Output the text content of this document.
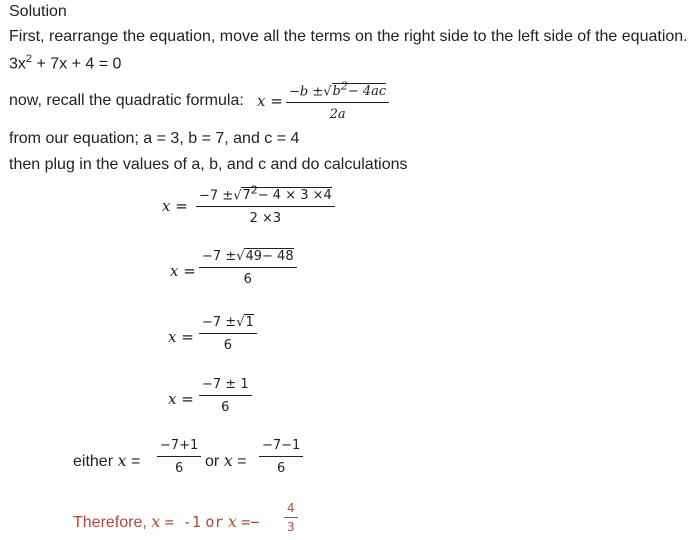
Solution
First, rearrange the equation, move all the terms on the right side to the left side of the equation.
$3x^2 + 7x + 4 = 0$
now, recall the quadratic formula: $x = \frac{-b \pm√b^2- 4ac}{2a}$
from our equation; a = 3, b = 7, and c = 4
then plug in the values of a, b, and c and do calculations
$x = \frac{-7 \pm√7^2- 4 \times 3 \times 4}{2 \times 3}$
$x = \frac{-7 \pm√49- 48}{6}$
$x = \frac{-7 \pm√1}{6}$
$x = \frac{-7 \pm 1}{6}$
either $x = \frac{-7+1}{6}$ or $x = \frac{-7-1}{6}$
Therefore, x = -1 or $x =- \frac{4}{3}$
